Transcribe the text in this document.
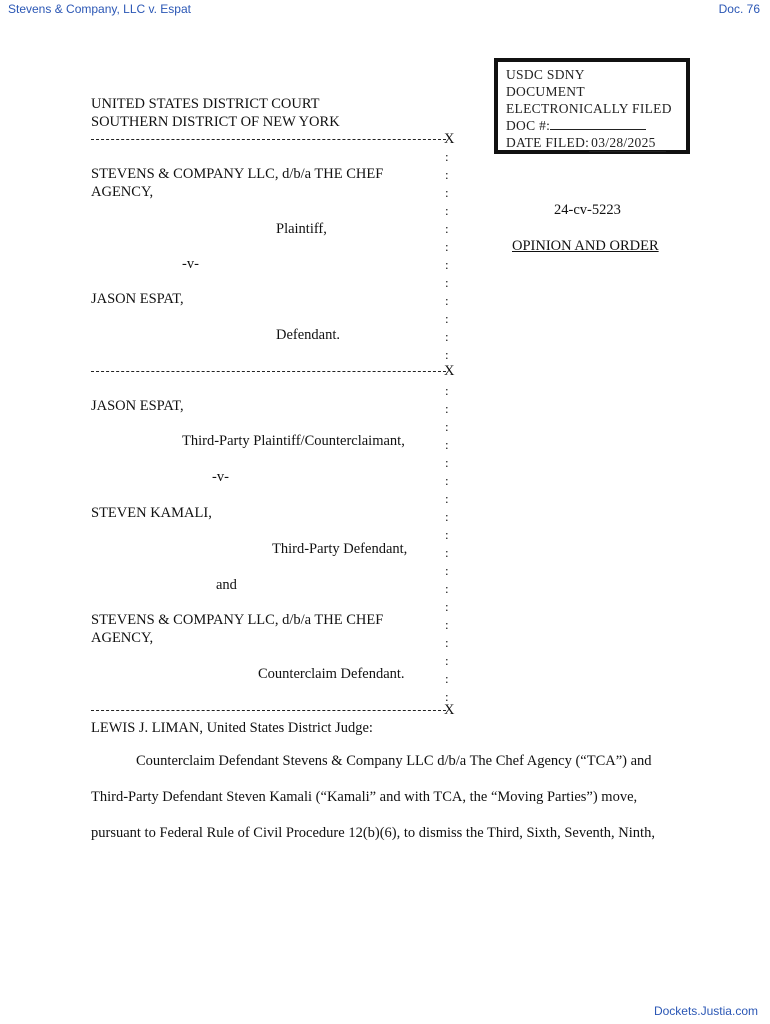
Stevens & Company, LLC v. Espat	Doc. 76
USDC SDNY
DOCUMENT
ELECTRONICALLY FILED
DOC #:
DATE FILED: 03/28/2025
UNITED STATES DISTRICT COURT
SOUTHERN DISTRICT OF NEW YORK
X
STEVENS & COMPANY LLC, d/b/a THE CHEF
AGENCY,
Plaintiff,
-v-
JASON ESPAT,
Defendant.
X
JASON ESPAT,
Third-Party Plaintiff/Counterclaimant,
-v-
STEVEN KAMALI,
Third-Party Defendant,
and
STEVENS & COMPANY LLC, d/b/a THE CHEF
AGENCY,
Counterclaim Defendant.
X
:
:
:
:
:
:
:
:
:
:
:
:
:
:
:
:
:
:
:
:
:
:
:
:
:
:
:
:
:
:
24-cv-5223
OPINION AND ORDER
LEWIS J. LIMAN, United States District Judge:
Counterclaim Defendant Stevens & Company LLC d/b/a The Chef Agency (“TCA”) and
Third-Party Defendant Steven Kamali (“Kamali” and with TCA, the “Moving Parties”) move,
pursuant to Federal Rule of Civil Procedure 12(b)(6), to dismiss the Third, Sixth, Seventh, Ninth,
Dockets.Justia.com
